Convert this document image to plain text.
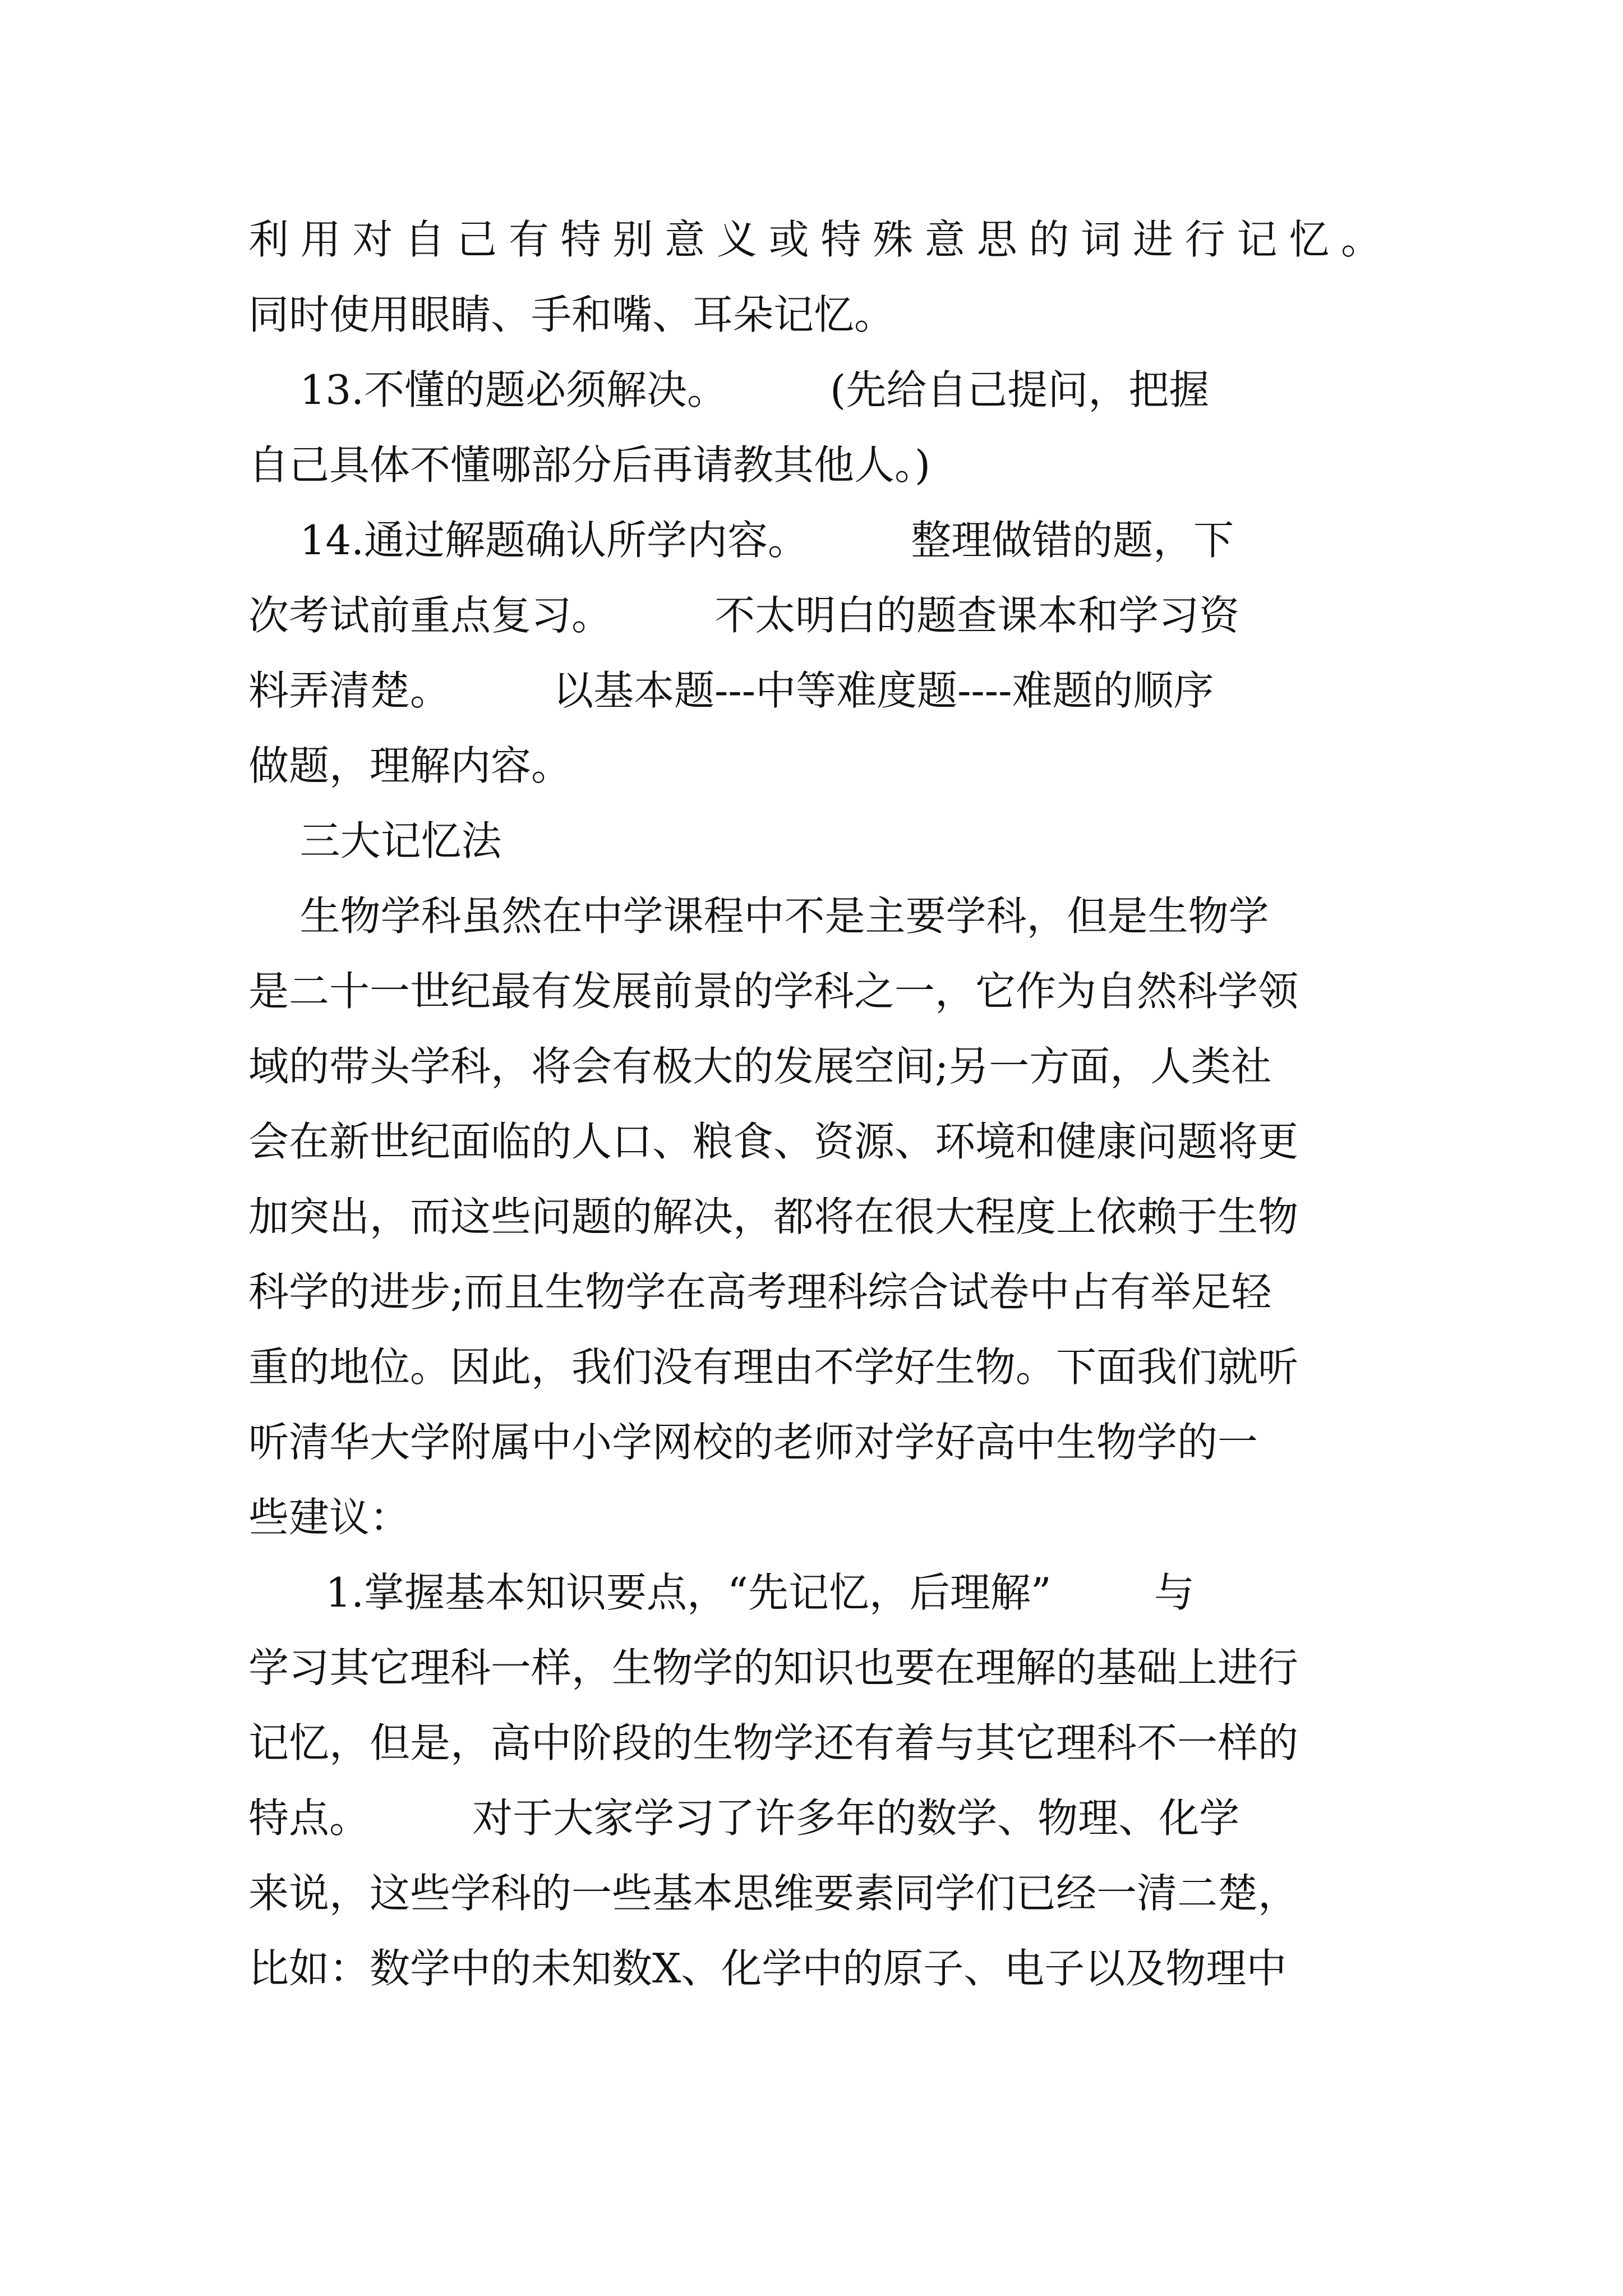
利用对自己有特别意义或特殊意思的词进行记忆。
同时使用眼睛、手和嘴、耳朵记忆。
13.不懂的题必须解决。        (先给自己提问，把握
自己具体不懂哪部分后再请教其他人。)
14.通过解题确认所学内容。        整理做错的题，下
次考试前重点复习。        不太明白的题查课本和学习资
料弄清楚。        以基本题---中等难度题----难题的顺序
做题，理解内容。
三大记忆法
生物学科虽然在中学课程中不是主要学科，但是生物学
是二十一世纪最有发展前景的学科之一，它作为自然科学领
域的带头学科，将会有极大的发展空间;另一方面，人类社
会在新世纪面临的人口、粮食、资源、环境和健康问题将更
加突出，而这些问题的解决，都将在很大程度上依赖于生物
科学的进步;而且生物学在高考理科综合试卷中占有举足轻
重的地位。因此，我们没有理由不学好生物。下面我们就听
听清华大学附属中小学网校的老师对学好高中生物学的一
些建议：
1.掌握基本知识要点，“先记忆，后理解”        与
学习其它理科一样，生物学的知识也要在理解的基础上进行
记忆，但是，高中阶段的生物学还有着与其它理科不一样的
特点。        对于大家学习了许多年的数学、物理、化学
来说，这些学科的一些基本思维要素同学们已经一清二楚，
比如：数学中的未知数X、化学中的原子、电子以及物理中
